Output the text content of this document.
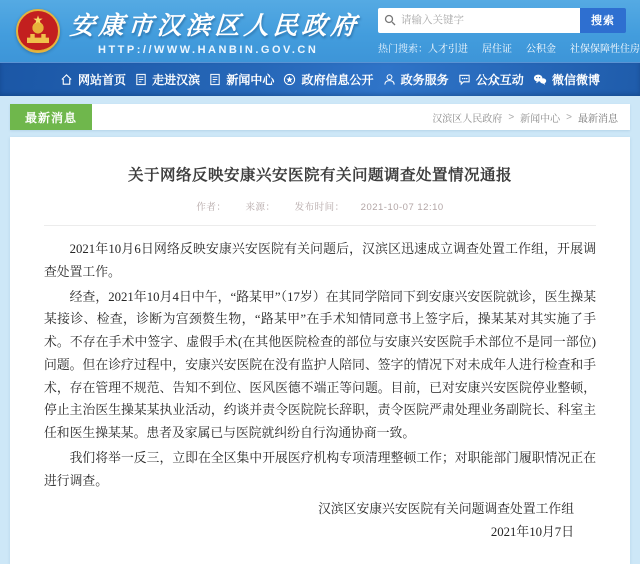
★
安康市汉滨区人民政府
HTTP://WWW.HANBIN.GOV.CN
请输入关键字
搜索
热门搜索： 人才引进 居住证 公积金 社保保障性住房
网站首页 走进汉滨 新闻中心 政府信息公开 政务服务 公众互动 微信微博
最新消息	汉滨区人民政府 > 新闻中心 > 最新消息
关于网络反映安康兴安医院有关问题调查处置情况通报
作者： 来源： 发布时间： 2021-10-07 12:10

2021年10月6日网络反映安康兴安医院有关问题后，汉滨区迅速成立调查处置工作组，开展调查处置工作。

经查，2021年10月4日中午，“路某甲”（17岁）在其同学陪同下到安康兴安医院就诊，医生操某某接诊、检查，诊断为宫颈赘生物，“路某甲”在手术知情同意书上签字后，操某某对其实施了手术。不存在手术中签字、虚假手术(在其他医院检查的部位与安康兴安医院手术部位不是同一部位)问题。但在诊疗过程中，安康兴安医院在没有监护人陪同、签字的情况下对未成年人进行检查和手术，存在管理不规范、告知不到位、医风医德不端正等问题。目前，已对安康兴安医院停业整顿，停止主治医生操某某执业活动，约谈并责令医院院长辞职，责令医院严肃处理业务副院长、科室主任和医生操某某。患者及家属已与医院就纠纷自行沟通协商一致。

我们将举一反三，立即在全区集中开展医疗机构专项清理整顿工作；对职能部门履职情况正在进行调查。

汉滨区安康兴安医院有关问题调查处置工作组
2021年10月7日
